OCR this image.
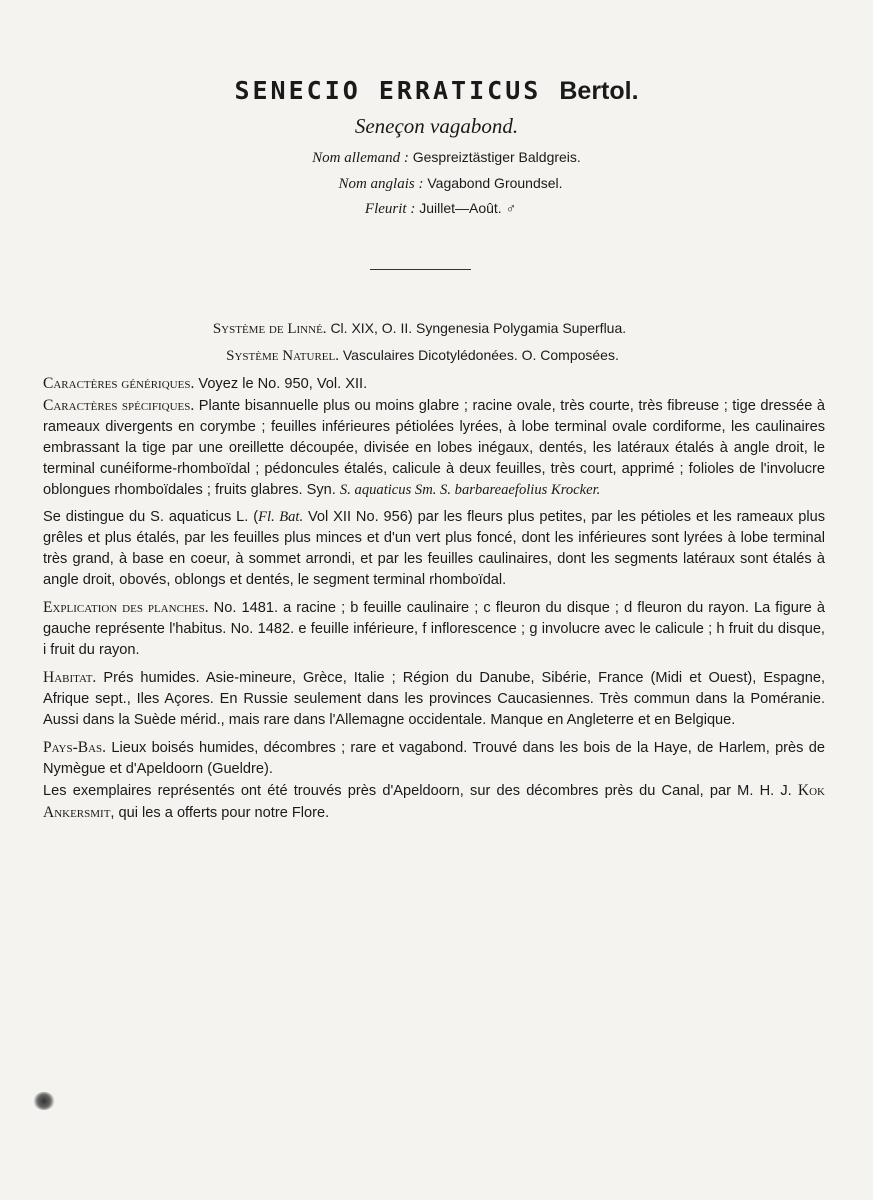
SENECIO ERRATICUS Bertol.
Seneçon vagabond.
Nom allemand : Gespreiztästiger Baldgreis.
Nom anglais : Vagabond Groundsel.
Fleurit : Juillet—Août. ♂
Système de Linné. Cl. XIX, O. II. Syngenesia Polygamia Superflua.
Système Naturel. Vasculaires Dicotylédonées. O. Composées.

Caractères génériques. Voyez le No. 950, Vol. XII.

Caractères spécifiques. Plante bisannuelle plus ou moins glabre ; racine ovale, très courte, très fibreuse ; tige dressée à rameaux divergents en corymbe ; feuilles inférieures pétiolées lyrées, à lobe terminal ovale cordiforme, les caulinaires embrassant la tige par une oreillette découpée, divisée en lobes inégaux, dentés, les latéraux étalés à angle droit, le terminal cunéiforme-rhomboïdal ; pédoncules étalés, calicule à deux feuilles, très court, apprimé ; folioles de l'involucre oblongues rhomboïdales ; fruits glabres. Syn. S. aquaticus Sm. S. barbareaefolius Krocker.

Se distingue du S. aquaticus L. (Fl. Bat. Vol XII No. 956) par les fleurs plus petites, par les pétioles et les rameaux plus grêles et plus étalés, par les feuilles plus minces et d'un vert plus foncé, dont les inférieures sont lyrées à lobe terminal très grand, à base en coeur, à sommet arrondi, et par les feuilles caulinaires, dont les segments latéraux sont étalés à angle droit, obovés, oblongs et dentés, le segment terminal rhomboïdal.

Explication des planches. No. 1481. a racine ; b feuille caulinaire ; c fleuron du disque ; d fleuron du rayon. La figure à gauche représente l'habitus. No. 1482. e feuille inférieure, f inflorescence ; g involucre avec le calicule ; h fruit du disque, i fruit du rayon.

Habitat. Prés humides. Asie-mineure, Grèce, Italie ; Région du Danube, Sibérie, France (Midi et Ouest), Espagne, Afrique sept., Iles Açores. En Russie seulement dans les provinces Caucasiennes. Très commun dans la Poméranie. Aussi dans la Suède mérid., mais rare dans l'Allemagne occidentale. Manque en Angleterre et en Belgique.

Pays-Bas. Lieux boisés humides, décombres ; rare et vagabond. Trouvé dans les bois de la Haye, de Harlem, près de Nymègue et d'Apeldoorn (Gueldre).

Les exemplaires représentés ont été trouvés près d'Apeldoorn, sur des décombres près du Canal, par M. H. J. Kok Ankersmit, qui les a offerts pour notre Flore.
